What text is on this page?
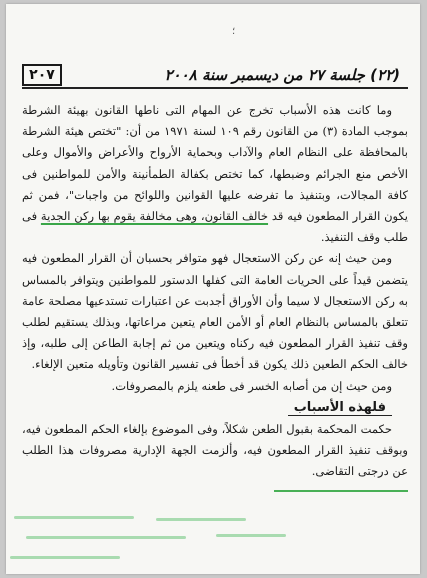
؛
٢٠٧	(٢٢) جلسة ٢٧ من ديسمبر سنة ٢٠٠٨

وما كانت هذه الأسباب تخرج عن المهام التى ناطها القانون بهيئة الشرطة بموجب المادة (٣) من القانون رقم ١٠٩ لسنة ١٩٧١ من أن: "تختص هيئة الشرطة بالمحافظة على النظام العام والآداب وبحماية الأرواح والأعراض والأموال وعلى الأخص منع الجرائم وضبطها، كما تختص بكفالة الطمأنينة والأمن للمواطنين فى كافة المجالات، وبتنفيذ ما تفرضه عليها القوانين واللوائح من واجبات"، فمن ثم يكون القرار المطعون فيه قد خالف القانون، وهى مخالفة يقوم بها ركن الجدية فى طلب وقف التنفيذ.

ومن حيث إنه عن ركن الاستعجال فهو متوافر بحسبان أن القرار المطعون فيه يتضمن قيداً على الحريات العامة التى كفلها الدستور للمواطنين ويتوافر بالمساس به ركن الاستعجال لا سيما وأن الأوراق أجدبت عن اعتبارات تستدعيها مصلحة عامة تتعلق بالمساس بالنظام العام أو الأمن العام يتعين مراعاتها، وبذلك يستقيم لطلب وقف تنفيذ القرار المطعون فيه ركناه ويتعين من ثم إجابة الطاعن إلى طلبه، وإذ خالف الحكم الطعين ذلك يكون قد أخطأ فى تفسير القانون وتأويله متعين الإلغاء.

ومن حيث إن من أصابه الخسر فى طعنه يلزم بالمصروفات.

فلهذه الأسباب

حكمت المحكمة بقبول الطعن شكلاً، وفى الموضوع بإلغاء الحكم المطعون فيه، وبوقف تنفيذ القرار المطعون فيه، وألزمت الجهة الإدارية مصروفات هذا الطلب عن درجتى التقاضى.
